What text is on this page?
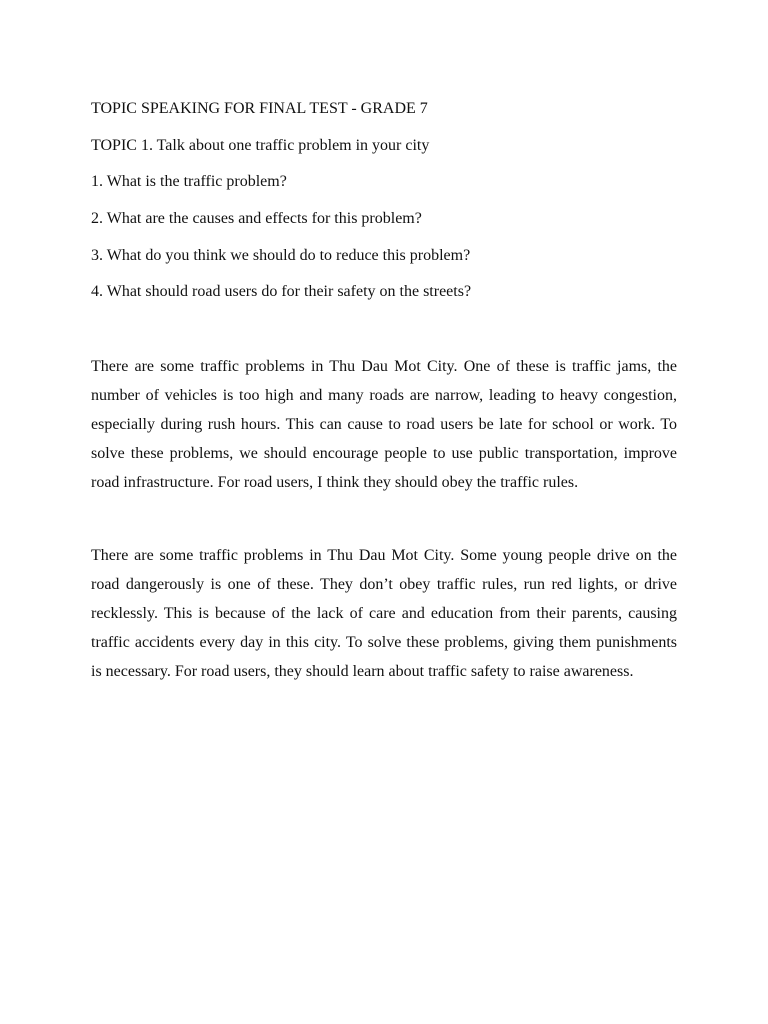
TOPIC SPEAKING FOR FINAL TEST - GRADE 7
TOPIC 1. Talk about one traffic problem in your city
1. What is the traffic problem?
2. What are the causes and effects for this problem?
3. What do you think we should do to reduce this problem?
4. What should road users do for their safety on the streets?

There are some traffic problems in Thu Dau Mot City. One of these is traffic jams, the number of vehicles is too high and many roads are narrow, leading to heavy congestion, especially during rush hours. This can cause to road users be late for school or work. To solve these problems, we should encourage people to use public transportation, improve road infrastructure. For road users, I think they should obey the traffic rules.

There are some traffic problems in Thu Dau Mot City. Some young people drive on the road dangerously is one of these. They don’t obey traffic rules, run red lights, or drive recklessly. This is because of the lack of care and education from their parents, causing traffic accidents every day in this city. To solve these problems, giving them punishments is necessary. For road users, they should learn about traffic safety to raise awareness.
